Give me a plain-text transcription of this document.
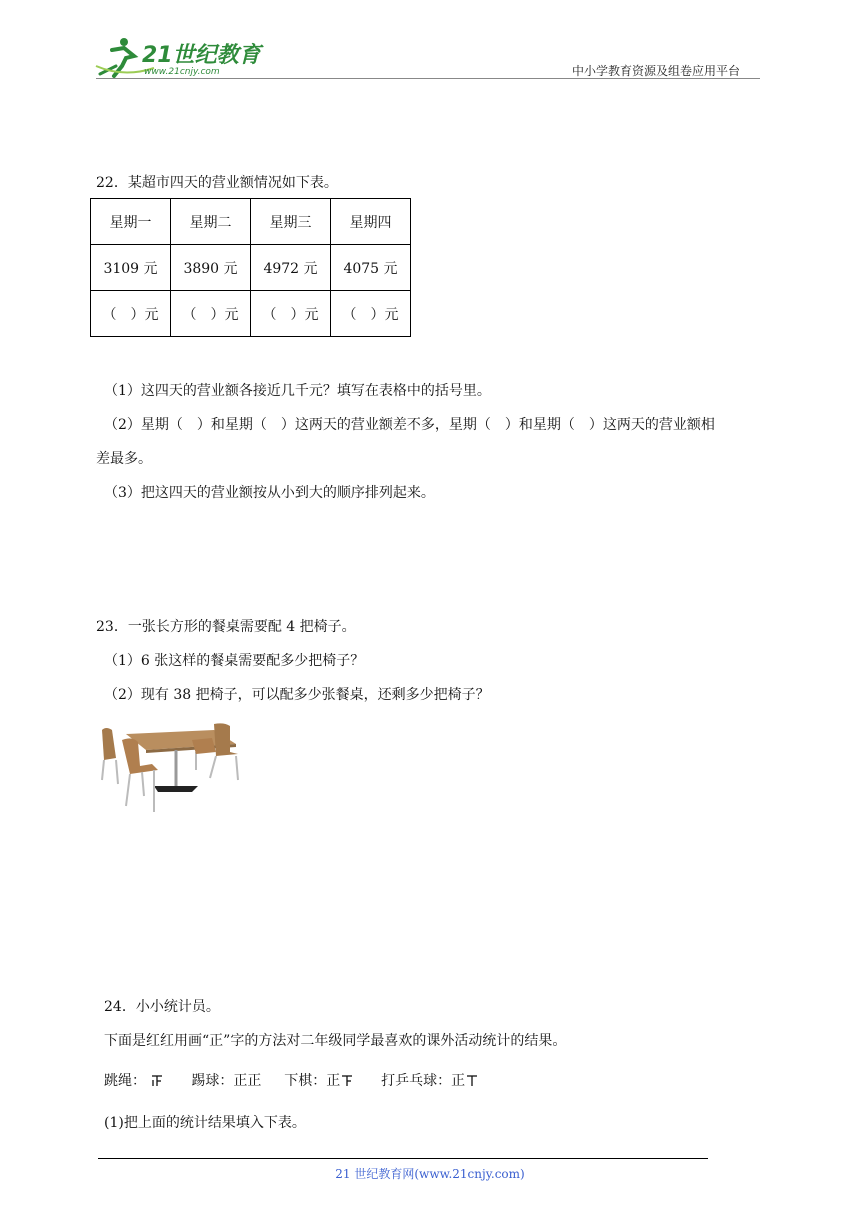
21世纪教育
www.21cnjy.com	中小学教育资源及组卷应用平台
22．某超市四天的营业额情况如下表。
星期一	星期二	星期三	星期四
3109 元	3890 元	4972 元	4075 元
（　）元	（　）元	（　）元	（　）元
（1）这四天的营业额各接近几千元？填写在表格中的括号里。
（2）星期（　）和星期（　）这两天的营业额差不多，星期（　）和星期（　）这两天的营业额相
差最多。
（3）把这四天的营业额按从小到大的顺序排列起来。
23．一张长方形的餐桌需要配 4 把椅子。
（1）6 张这样的餐桌需要配多少把椅子？
（2）现有 38 把椅子，可以配多少张餐桌，还剩多少把椅子？
24．小小统计员。
下面是红红用画“正”字的方法对二年级同学最喜欢的课外活动统计的结果。
跳绳：	踢球：正正 下棋：正	打乒乓球：正
(1)把上面的统计结果填入下表。
21 世纪教育网(www.21cnjy.com)
